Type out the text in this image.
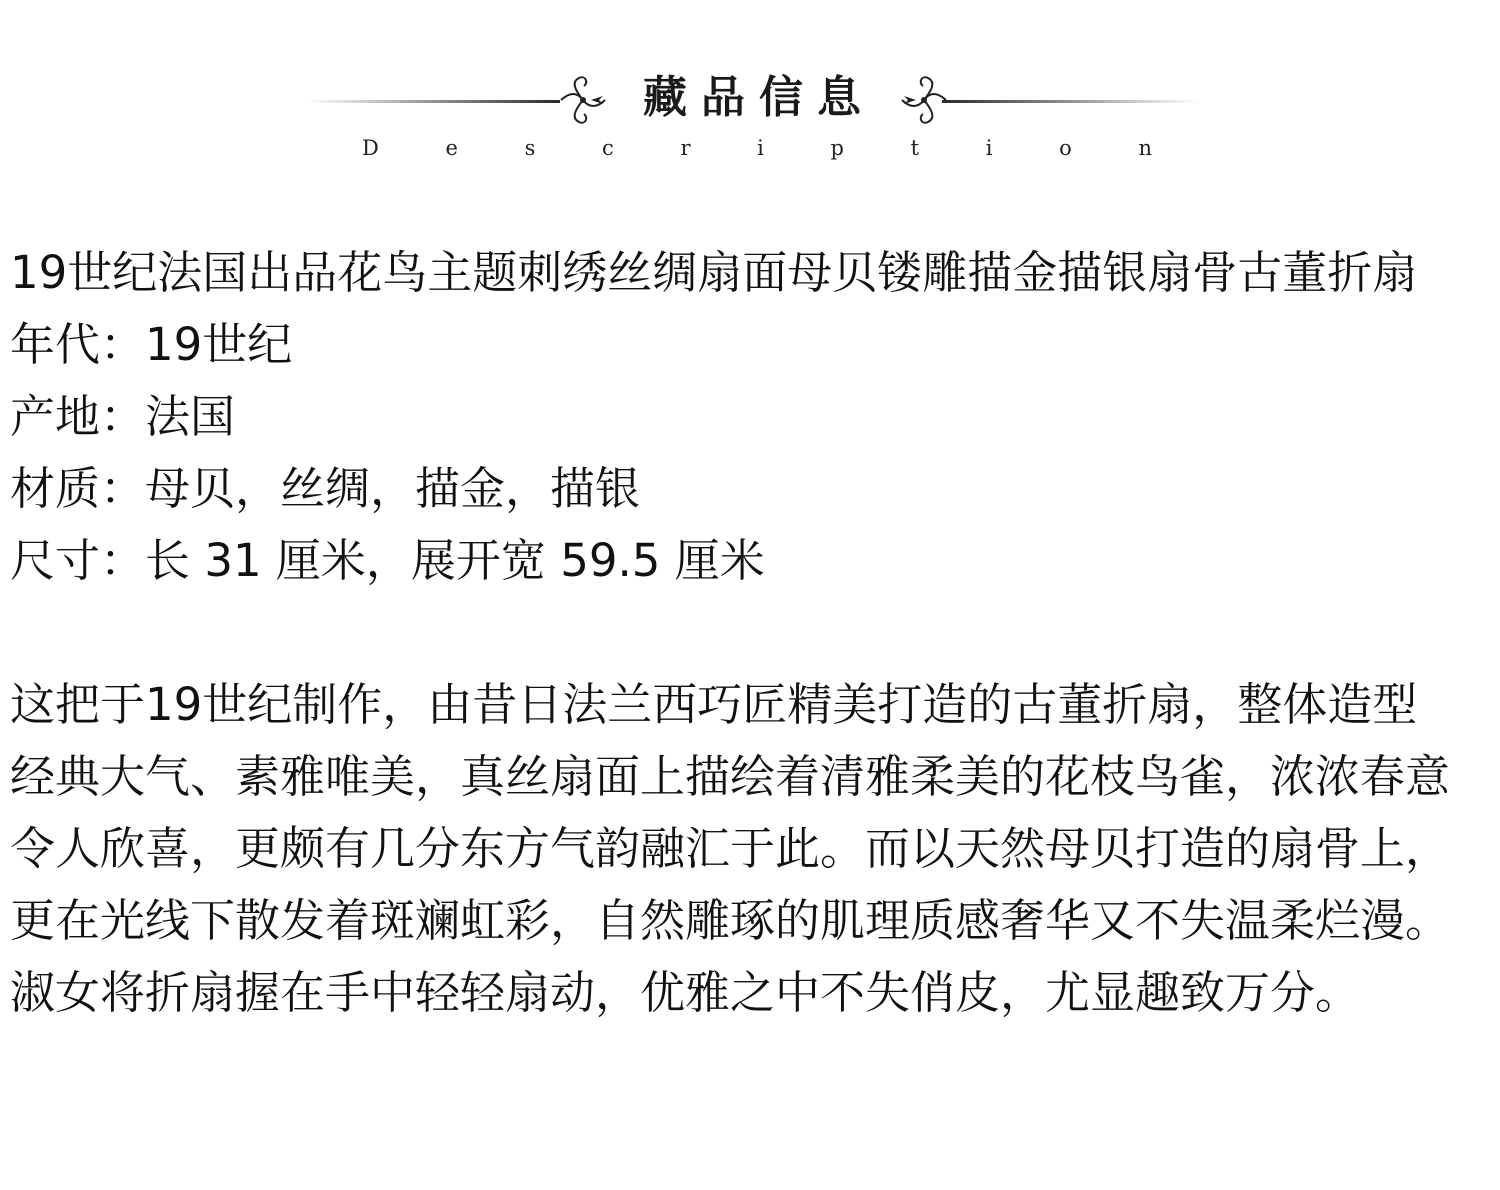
藏品信息
D	e	s	c	r	i	p	t	i	o	n

19世纪法国出品花鸟主题刺绣丝绸扇面母贝镂雕描金描银扇骨古董折扇

年代：19世纪

产地：法国

材质：母贝，丝绸，描金，描银

尺寸：长 31 厘米，展开宽 59.5 厘米

这把于19世纪制作，由昔日法兰西巧匠精美打造的古董折扇，整体造型经典大气、素雅唯美，真丝扇面上描绘着清雅柔美的花枝鸟雀，浓浓春意令人欣喜，更颇有几分东方气韵融汇于此。而以天然母贝打造的扇骨上，更在光线下散发着斑斓虹彩，自然雕琢的肌理质感奢华又不失温柔烂漫。淑女将折扇握在手中轻轻扇动，优雅之中不失俏皮，尤显趣致万分。
